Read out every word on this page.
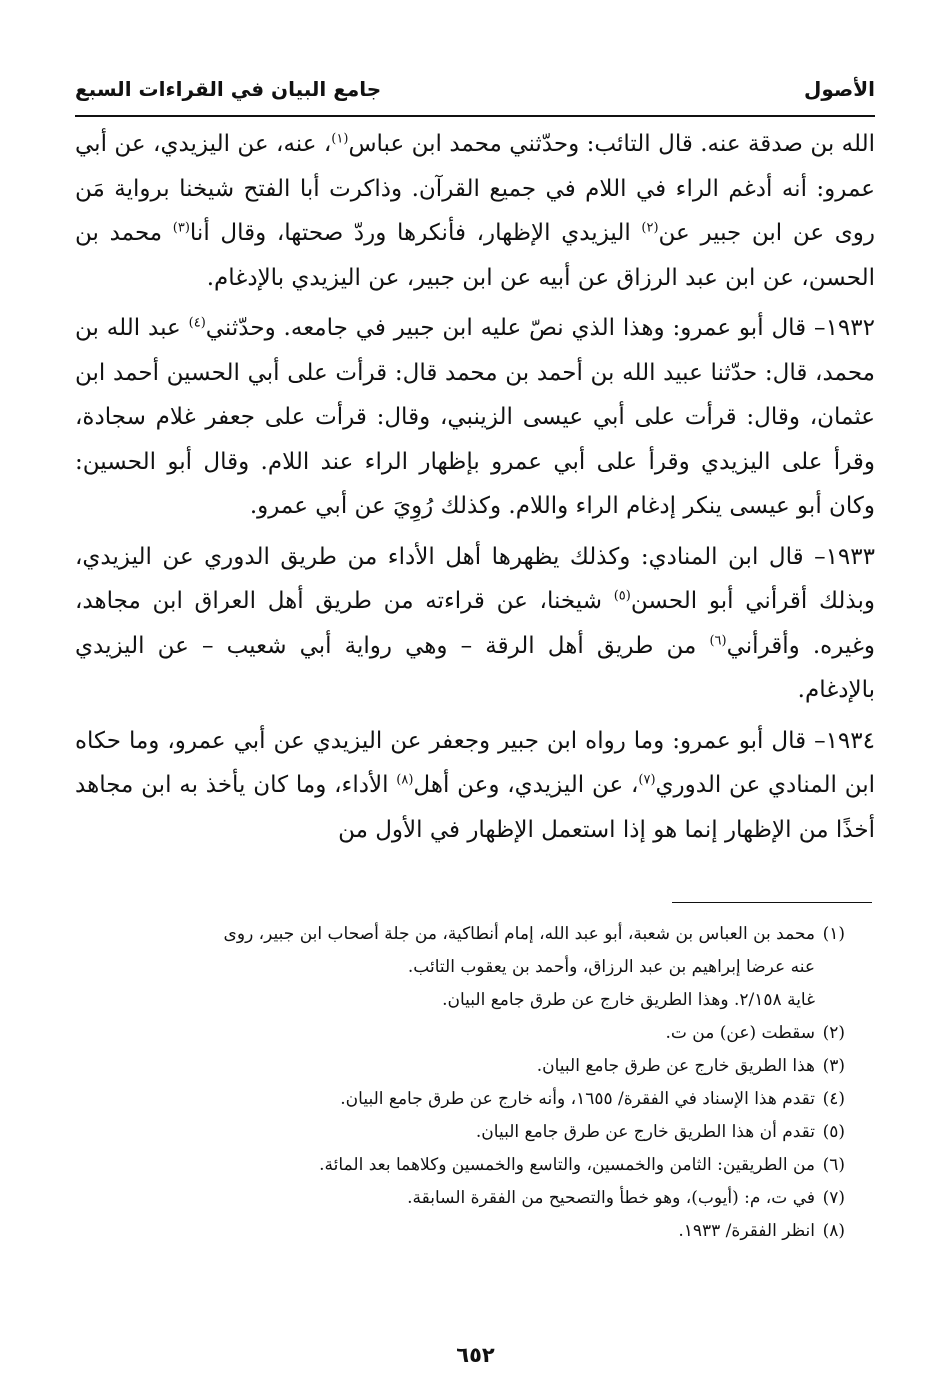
الأصول
جامع البيان في القراءات السبع

الله بن صدقة عنه. قال التائب: وحدّثني محمد ابن عباس$^{(١)}$، عنه، عن اليزيدي، عن أبي عمرو: أنه أدغم الراء في اللام في جميع القرآن. وذاكرت أبا الفتح شيخنا برواية مَن روى عن ابن جبير عن$^{(٢)}$ اليزيدي الإظهار، فأنكرها وردّ صحتها، وقال أنا$^{(٣)}$ محمد بن الحسن، عن ابن عبد الرزاق عن أبيه عن ابن جبير، عن اليزيدي بالإدغام.

١٩٣٢– قال أبو عمرو: وهذا الذي نصّ عليه ابن جبير في جامعه. وحدّثني$^{(٤)}$ عبد الله بن محمد، قال: حدّثنا عبيد الله بن أحمد بن محمد قال: قرأت على أبي الحسين أحمد ابن عثمان، وقال: قرأت على أبي عيسى الزينبي، وقال: قرأت على جعفر غلام سجادة، وقرأ على اليزيدي وقرأ على أبي عمرو بإظهار الراء عند اللام. وقال أبو الحسين: وكان أبو عيسى ينكر إدغام الراء واللام. وكذلك رُوِيَ عن أبي عمرو.

١٩٣٣– قال ابن المنادي: وكذلك يظهرها أهل الأداء من طريق الدوري عن اليزيدي، وبذلك أقرأني أبو الحسن$^{(٥)}$ شيخنا، عن قراءته من طريق أهل العراق ابن مجاهد، وغيره. وأقرأني$^{(٦)}$ من طريق أهل الرقة – وهي رواية أبي شعيب – عن اليزيدي بالإدغام.

١٩٣٤– قال أبو عمرو: وما رواه ابن جبير وجعفر عن اليزيدي عن أبي عمرو، وما حكاه ابن المنادي عن الدوري$^{(٧)}$، عن اليزيدي، وعن أهل$^{(٨)}$ الأداء، وما كان يأخذ به ابن مجاهد أخذًا من الإظهار إنما هو إذا استعمل الإظهار في الأول من

(١)محمد بن العباس بن شعبة، أبو عبد الله، إمام أنطاكية، من جلة أصحاب ابن جبير، روى

عنه عرضا إبراهيم بن عبد الرزاق، وأحمد بن يعقوب التائب.

غاية ٢/١٥٨. وهذا الطريق خارج عن طرق جامع البيان.

(٢)سقطت (عن) من ت.

(٣)هذا الطريق خارج عن طرق جامع البيان.

(٤)تقدم هذا الإسناد في الفقرة/ ١٦٥٥، وأنه خارج عن طرق جامع البيان.

(٥)تقدم أن هذا الطريق خارج عن طرق جامع البيان.

(٦)من الطريقين: الثامن والخمسين، والتاسع والخمسين وكلاهما بعد المائة.

(٧)في ت، م: (أيوب)، وهو خطأ والتصحيح من الفقرة السابقة.

(٨)انظر الفقرة/ ١٩٣٣.

٦٥٢
